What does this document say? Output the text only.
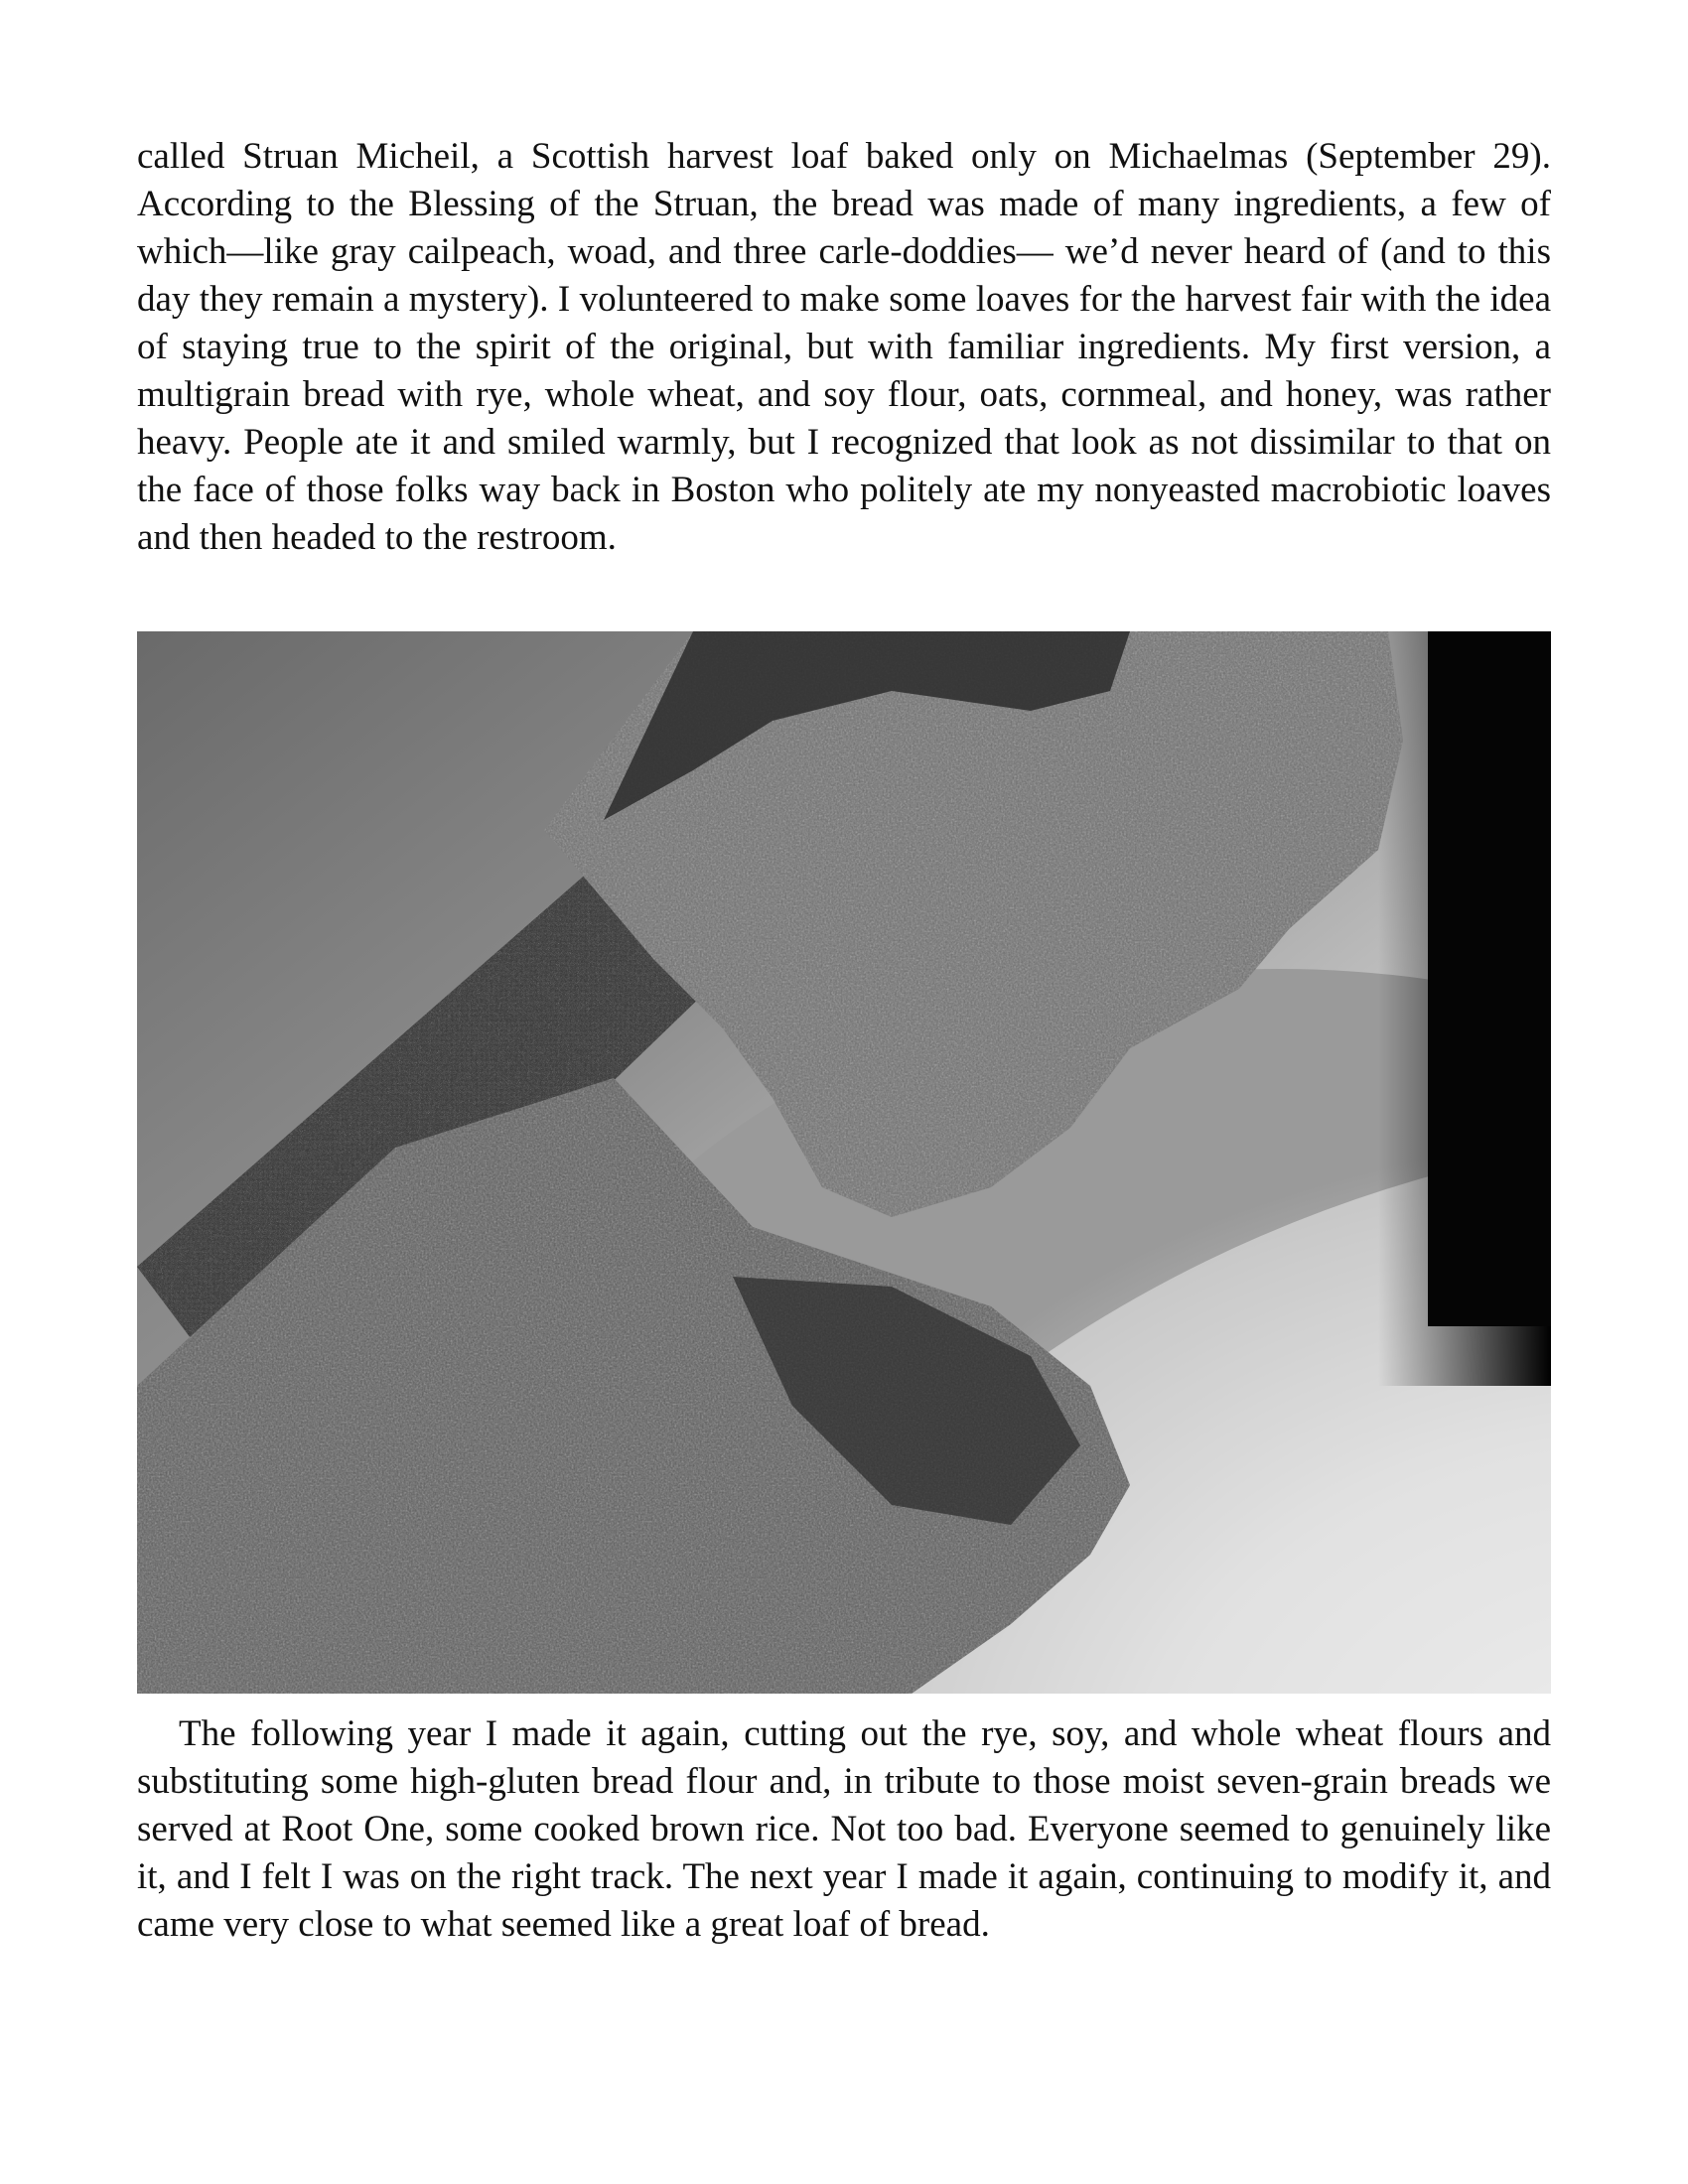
called Struan Micheil, a Scottish harvest loaf baked only on Michaelmas (September 29). According to the Blessing of the Struan, the bread was made of many ingredients, a few of which—like gray cailpeach, woad, and three carle-doddies— we’d never heard of (and to this day they remain a mystery). I volunteered to make some loaves for the harvest fair with the idea of staying true to the spirit of the original, but with familiar ingredients. My first version, a multigrain bread with rye, whole wheat, and soy flour, oats, cornmeal, and honey, was rather heavy. People ate it and smiled warmly, but I recognized that look as not dissimilar to that on the face of those folks way back in Boston who politely ate my nonyeasted macrobiotic loaves and then headed to the restroom.

The following year I made it again, cutting out the rye, soy, and whole wheat flours and substituting some high-gluten bread flour and, in tribute to those moist seven-grain breads we served at Root One, some cooked brown rice. Not too bad. Everyone seemed to genuinely like it, and I felt I was on the right track. The next year I made it again, continuing to modify it, and came very close to what seemed like a great loaf of bread.
